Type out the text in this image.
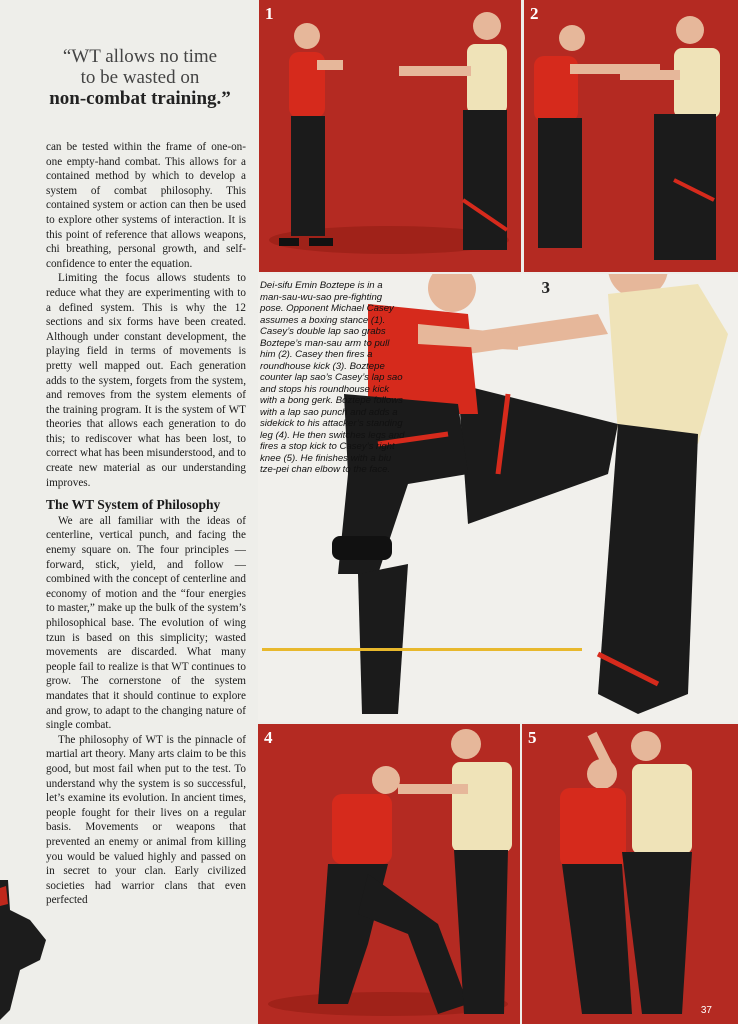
“WT allows no time
to be wasted on
non-combat training.”

can be tested within the frame of one-on-one empty-hand combat. This allows for a contained method by which to develop a system of combat philosophy. This contained system or action can then be used to explore other systems of interaction. It is this point of reference that allows weapons, chi breathing, personal growth, and self-confidence to enter the equation.

Limiting the focus allows students to reduce what they are experimenting with to a defined system. This is why the 12 sections and six forms have been created. Although under constant development, the playing field in terms of movements is pretty well mapped out. Each generation adds to the system, forgets from the system, and removes from the system elements of the training program. It is the system of WT theories that allows each generation to do this; to rediscover what has been lost, to correct what has been misunderstood, and to create new material as our understanding improves.

The WT System of Philosophy

We are all familiar with the ideas of centerline, vertical punch, and facing the enemy square on. The four principles — forward, stick, yield, and follow — combined with the concept of centerline and economy of motion and the “four energies to master,” make up the bulk of the system’s philosophical base. The evolution of wing tzun is based on this simplicity; wasted movements are discarded. What many people fail to realize is that WT continues to grow. The cornerstone of the system mandates that it should continue to explore and grow, to adapt to the changing nature of single combat.

The philosophy of WT is the pinnacle of martial art theory. Many arts claim to be this good, but most fail when put to the test. To understand why the system is so successful, let’s examine its evolution. In ancient times, people fought for their lives on a regular basis. Movements or weapons that prevented an enemy or animal from killing you would be valued highly and passed on in secret to your clan. Early civilized societies had warrior clans that even perfected

1	2
3
Dei-sifu Emin Boztepe is in a man-sau-wu-sao pre-fighting pose. Opponent Michael Casey assumes a boxing stance (1). Casey’s double lap sao grabs Boztepe’s man-sau arm to pull him (2). Casey then fires a roundhouse kick (3). Boztepe counter lap sao’s Casey’s lap sao and stops his roundhouse kick with a bong gerk. Boztepe follows with a lap sao punch and adds a sidekick to his attacker’s standing leg (4). He then switches legs and fires a stop kick to Casey’s right knee (5). He finishes with a biu tze-pei chan elbow to the face.
4	5
37
